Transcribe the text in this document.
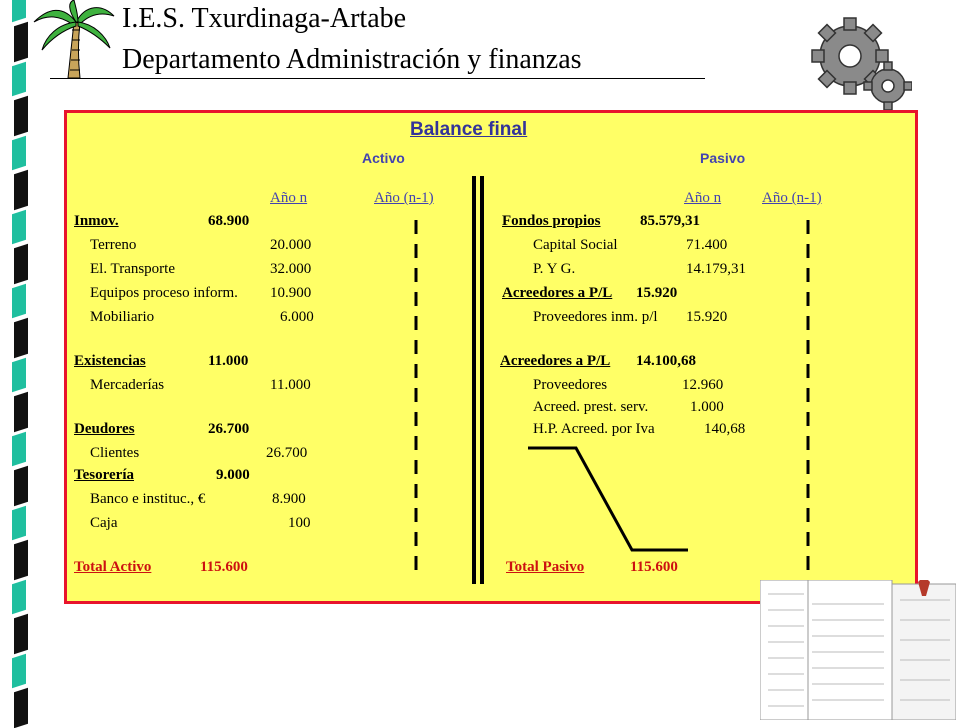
I.E.S. Txurdinaga-Artabe
Departamento Administración y finanzas
Balance final
Activo	Pasivo
Año n	Año (n-1)	Año n	Año (n-1)
Inmov.	68.900
Terreno	20.000
El. Transporte	32.000
Equipos proceso inform. 10.900
Mobiliario	6.000
Existencias	11.000
Mercaderías	11.000
Deudores	26.700
Clientes	26.700
Tesorería	9.000
Banco e instituc., €	8.900
Caja	100
Total Activo	115.600
Fondos propios	85.579,31
Capital Social	71.400
P. Y G.	14.179,31
Acreedores a P/L 15.920
Proveedores inm. p/l 15.920
Acreedores a P/L 14.100,68
Proveedores	12.960
Acreed. prest. serv.	1.000
H.P. Acreed. por Iva	140,68
Total Pasivo	115.600
